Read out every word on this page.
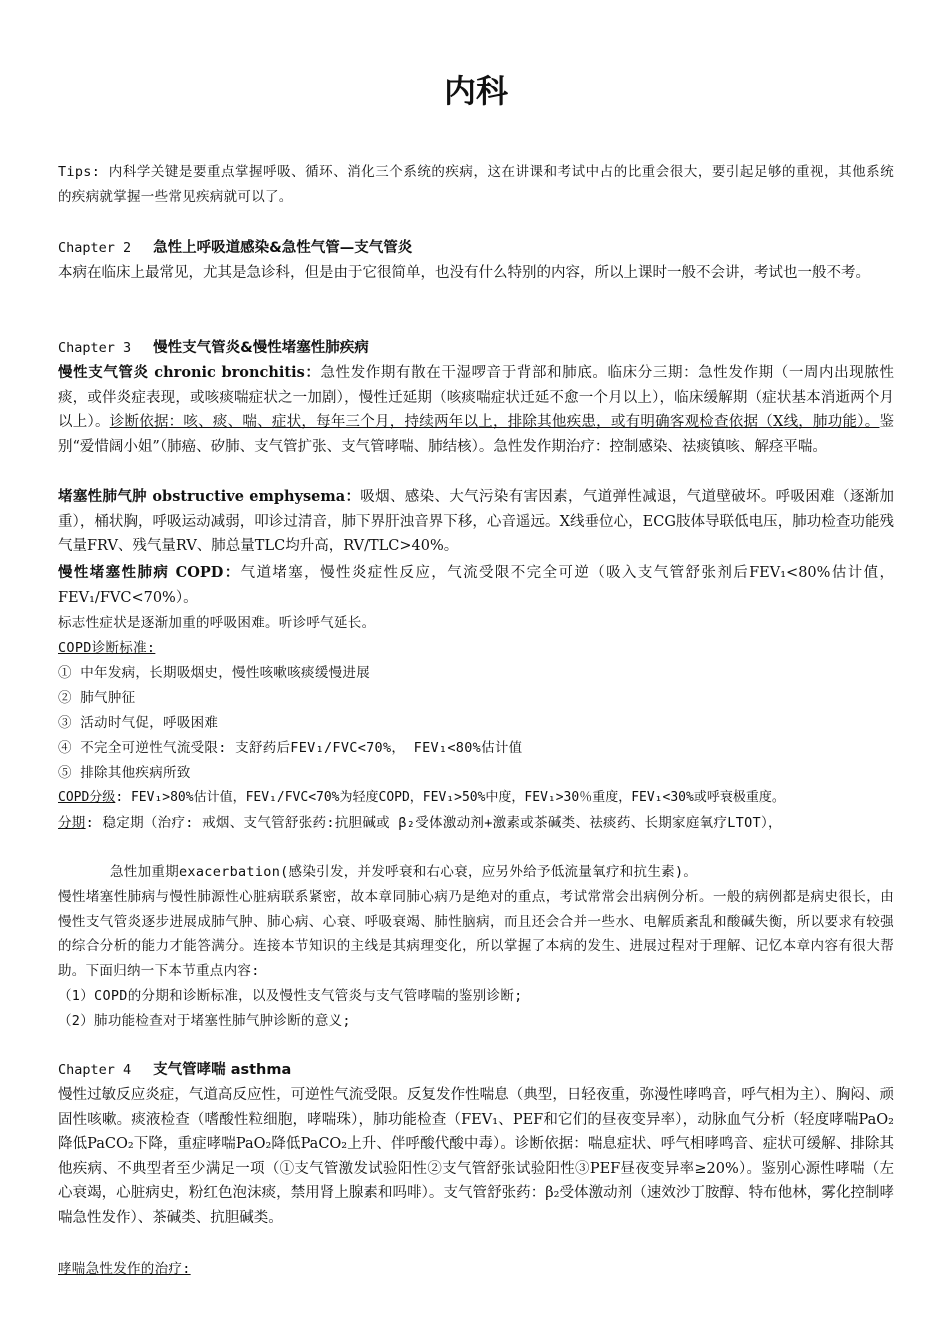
内科
Tips: 内科学关键是要重点掌握呼吸、循环、消化三个系统的疾病，这在讲课和考试中占的比重会很大，要引起足够的重视，其他系统的疾病就掌握一些常见疾病就可以了。
Chapter 2 急性上呼吸道感染&急性气管—支气管炎
本病在临床上最常见，尤其是急诊科，但是由于它很简单，也没有什么特别的内容，所以上课时一般不会讲，考试也一般不考。
Chapter 3 慢性支气管炎&慢性堵塞性肺疾病
慢性支气管炎 chronic bronchitis：急性发作期有散在干湿啰音于背部和肺底。临床分三期：急性发作期（一周内出现脓性痰，或伴炎症表现，或咳痰喘症状之一加剧），慢性迁延期（咳痰喘症状迁延不愈一个月以上），临床缓解期（症状基本消逝两个月以上）。诊断依据：咳、痰、喘、症状，每年三个月，持续两年以上，排除其他疾患，或有明确客观检查依据（X线，肺功能）。鉴别“爱惜阔小姐”（肺癌、矽肺、支气管扩张、支气管哮喘、肺结核）。急性发作期治疗：控制感染、祛痰镇咳、解痉平喘。
堵塞性肺气肿 obstructive emphysema：吸烟、感染、大气污染有害因素，气道弹性减退，气道壁破坏。呼吸困难（逐渐加重），桶状胸，呼吸运动减弱，叩诊过清音，肺下界肝浊音界下移，心音遥远。X线垂位心，ECG肢体导联低电压，肺功检查功能残气量FRV、残气量RV、肺总量TLC均升高，RV/TLC>40%。
慢性堵塞性肺病 COPD：气道堵塞，慢性炎症性反应，气流受限不完全可逆（吸入支气管舒张剂后FEV₁<80%估计值，FEV₁/FVC<70%）。
标志性症状是逐渐加重的呼吸困难。听诊呼气延长。
COPD诊断标准:
① 中年发病，长期吸烟史，慢性咳嗽咳痰缓慢进展
② 肺气肿征
③ 活动时气促，呼吸困难
④ 不完全可逆性气流受限: 支舒药后FEV₁/FVC<70%， FEV₁<80%估计值
⑤ 排除其他疾病所致
COPD分级: FEV₁>80%估计值，FEV₁/FVC<70%为轻度COPD，FEV₁>50%中度，FEV₁>30％重度，FEV₁<30%或呼衰极重度。
分期: 稳定期（治疗: 戒烟、支气管舒张药:抗胆碱或 β₂受体激动剂+激素或茶碱类、祛痰药、长期家庭氧疗LTOT），
急性加重期exacerbation(感染引发，并发呼衰和右心衰，应另外给予低流量氧疗和抗生素)。
慢性堵塞性肺病与慢性肺源性心脏病联系紧密，故本章同肺心病乃是绝对的重点，考试常常会出病例分析。一般的病例都是病史很长，由慢性支气管炎逐步进展成肺气肿、肺心病、心衰、呼吸衰竭、肺性脑病，而且还会合并一些水、电解质紊乱和酸碱失衡，所以要求有较强的综合分析的能力才能答满分。连接本节知识的主线是其病理变化，所以掌握了本病的发生、进展过程对于理解、记忆本章内容有很大帮助。下面归纳一下本节重点内容:
（1）COPD的分期和诊断标准，以及慢性支气管炎与支气管哮喘的鉴别诊断;
（2）肺功能检查对于堵塞性肺气肿诊断的意义;
Chapter 4 支气管哮喘 asthma
慢性过敏反应炎症，气道高反应性，可逆性气流受限。反复发作性喘息（典型，日轻夜重，弥漫性哮鸣音，呼气相为主）、胸闷、顽固性咳嗽。痰液检查（嗜酸性粒细胞，哮喘珠），肺功能检查（FEV₁、PEF和它们的昼夜变异率），动脉血气分析（轻度哮喘PaO₂降低PaCO₂下降，重症哮喘PaO₂降低PaCO₂上升、伴呼酸代酸中毒）。诊断依据：喘息症状、呼气相哮鸣音、症状可缓解、排除其他疾病、不典型者至少满足一项（①支气管激发试验阳性②支气管舒张试验阳性③PEF昼夜变异率≥20%）。鉴别心源性哮喘（左心衰竭，心脏病史，粉红色泡沫痰，禁用肾上腺素和吗啡）。支气管舒张药：β₂受体激动剂（速效沙丁胺醇、特布他林，雾化控制哮喘急性发作）、茶碱类、抗胆碱类。
哮喘急性发作的治疗:
